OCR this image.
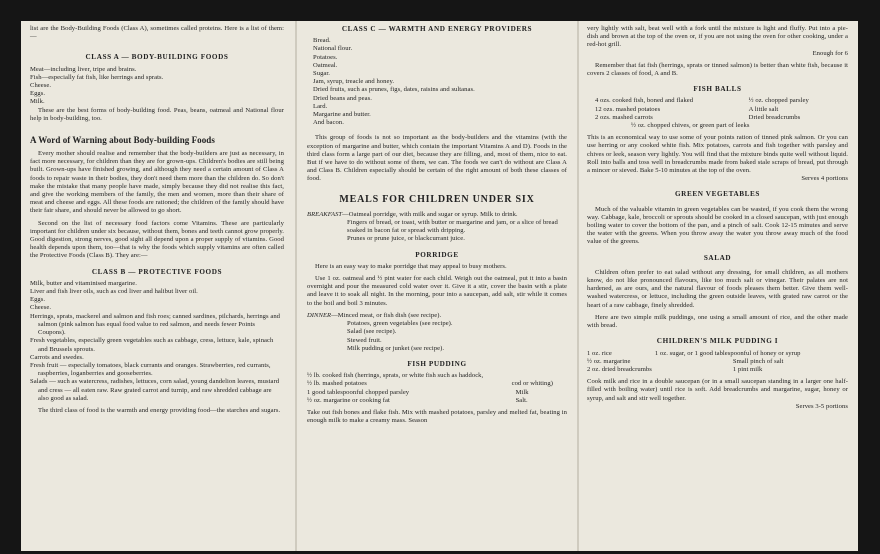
list are the Body-Building Foods (Class A), sometimes called proteins. Here is a list of them:—

CLASS A — BODY-BUILDING FOODS

Meat—including liver, tripe and brains.

Fish—especially fat fish, like herrings and sprats.

Cheese.

Eggs.

Milk.

These are the best forms of body-building food. Peas, beans, oatmeal and National flour help in body-building, too.

A Word of Warning about Body-building Foods

Every mother should realise and remember that the body-builders are just as necessary, in fact more necessary, for children than they are for grown-ups. Children's bodies are still being built. Grown-ups have finished growing, and although they need a certain amount of Class A foods to repair waste in their bodies, they don't need them more than the children do. So don't make the mistake that many people have made, simply because they did not realise this fact, and give the working members of the family, the men and women, more than their share of meat and cheese and eggs. All these foods are rationed; the children of the family should have their fair share, and should never be allowed to go short.

Second on the list of necessary food factors come Vitamins. These are particularly important for children under six because, without them, bones and teeth cannot grow properly. Good digestion, strong nerves, good sight all depend upon a proper supply of vitamins. Good health depends upon them, too—that is why the foods which supply vitamins are often called the Protective Foods (Class B). They are:—

CLASS B — PROTECTIVE FOODS

Milk, butter and vitaminised margarine.

Liver and fish liver oils, such as cod liver and halibut liver oil.

Eggs.

Cheese.

Herrings, sprats, mackerel and salmon and fish roes; canned sardines, pilchards, herrings and salmon (pink salmon has equal food value to red salmon, and needs fewer Points Coupons).

Fresh vegetables, especially green vegetables such as cabbage, cress, lettuce, kale, spinach and Brussels sprouts.

Carrots and swedes.

Fresh fruit — especially tomatoes, black currants and oranges. Strawberries, red currants, raspberries, loganberries and gooseberries.

Salads — such as watercress, radishes, lettuces, corn salad, young dandelion leaves, mustard and cress — all eaten raw. Raw grated carrot and turnip, and raw shredded cabbage are also good as salad.

The third class of food is the warmth and energy providing food—the starches and sugars.

CLASS C — WARMTH AND ENERGY PROVIDERS

Bread.

National flour.

Potatoes.

Oatmeal.

Sugar.

Jam, syrup, treacle and honey.

Dried fruits, such as prunes, figs, dates, raisins and sultanas.

Dried beans and peas.

Lard.

Margarine and butter.

And bacon.

This group of foods is not so important as the body-builders and the vitamins (with the exception of margarine and butter, which contain the important Vitamins A and D). Foods in the third class form a large part of our diet, because they are filling, and, most of them, nice to eat. But if we have to do without some of them, we can. The foods we can't do without are Class A and Class B. Children especially should be certain of the right amount of both these classes of food.

MEALS FOR CHILDREN UNDER SIX

BREAKFAST—Oatmeal porridge, with milk and sugar or syrup. Milk to drink.

Fingers of bread, or toast, with butter or margarine and jam, or a slice of bread soaked in bacon fat or spread with dripping.

Prunes or prune juice, or blackcurrant juice.

PORRIDGE

Here is an easy way to make porridge that may appeal to busy mothers.

Use 1 oz. oatmeal and ½ pint water for each child. Weigh out the oatmeal, put it into a basin overnight and pour the measured cold water over it. Give it a stir, cover the basin with a plate and leave it to soak all night. In the morning, pour into a saucepan, add salt, stir while it comes to the boil and boil 3 minutes.

DINNER—Minced meat, or fish dish (see recipe).

Potatoes, green vegetables (see recipe).

Salad (see recipe).

Stewed fruit.

Milk pudding or junket (see recipe).

FISH PUDDING

½ lb. cooked fish (herrings, sprats, or white fish such as haddock,	
½ lb. mashed potatoes	cod or whiting)
1 good tablespoonful chopped parsley	Milk
½ oz. margarine or cooking fat	Salt.

Take out fish bones and flake fish. Mix with mashed potatoes, parsley and melted fat, beating in enough milk to make a creamy mass. Season

very lightly with salt, beat well with a fork until the mixture is light and fluffy. Put into a pie-dish and brown at the top of the oven or, if you are not using the oven for other cooking, under a red-hot grill.

Enough for 6

Remember that fat fish (herrings, sprats or tinned salmon) is better than white fish, because it covers 2 classes of food, A and B.

FISH BALLS

4 ozs. cooked fish, boned and flaked	½ oz. chopped parsley
12 ozs. mashed potatoes	A little salt
2 ozs. mashed carrots	Dried breadcrumbs

½ oz. chopped chives, or green part of leeks

This is an economical way to use some of your points ration of tinned pink salmon. Or you can use herring or any cooked white fish. Mix potatoes, carrots and fish together with parsley and chives or leek, season very lightly. You will find that the mixture binds quite well without liquid. Roll into balls and toss well in breadcrumbs made from baked stale scraps of bread, put through a mincer or sieved. Bake 5-10 minutes at the top of the oven.

Serves 4 portions

GREEN VEGETABLES

Much of the valuable vitamin in green vegetables can be wasted, if you cook them the wrong way. Cabbage, kale, broccoli or sprouts should be cooked in a closed saucepan, with just enough boiling water to cover the bottom of the pan, and a pinch of salt. Cook 12-15 minutes and serve the water with the greens. When you throw away the water you throw away much of the food value of the greens.

SALAD

Children often prefer to eat salad without any dressing, for small children, as all mothers know, do not like pronounced flavours, like too much salt or vinegar. Their palates are not hardened, as are ours, and the natural flavour of foods pleases them better. Give them well-washed watercress, or lettuce, including the green outside leaves, with grated raw carrot or the heart of a raw cabbage, finely shredded.

Here are two simple milk puddings, one using a small amount of rice, and the other made with bread.

CHILDREN'S MILK PUDDING I

1 oz. rice	1 oz. sugar, or 1 good tablespoonful of honey or syrup
½ oz. margarine	Small pinch of salt
2 oz. dried breadcrumbs	1 pint milk

Cook milk and rice in a double saucepan (or in a small saucepan standing in a larger one half-filled with boiling water) until rice is soft. Add breadcrumbs and margarine, sugar, honey or syrup, and salt and stir well together.

Serves 3-5 portions
